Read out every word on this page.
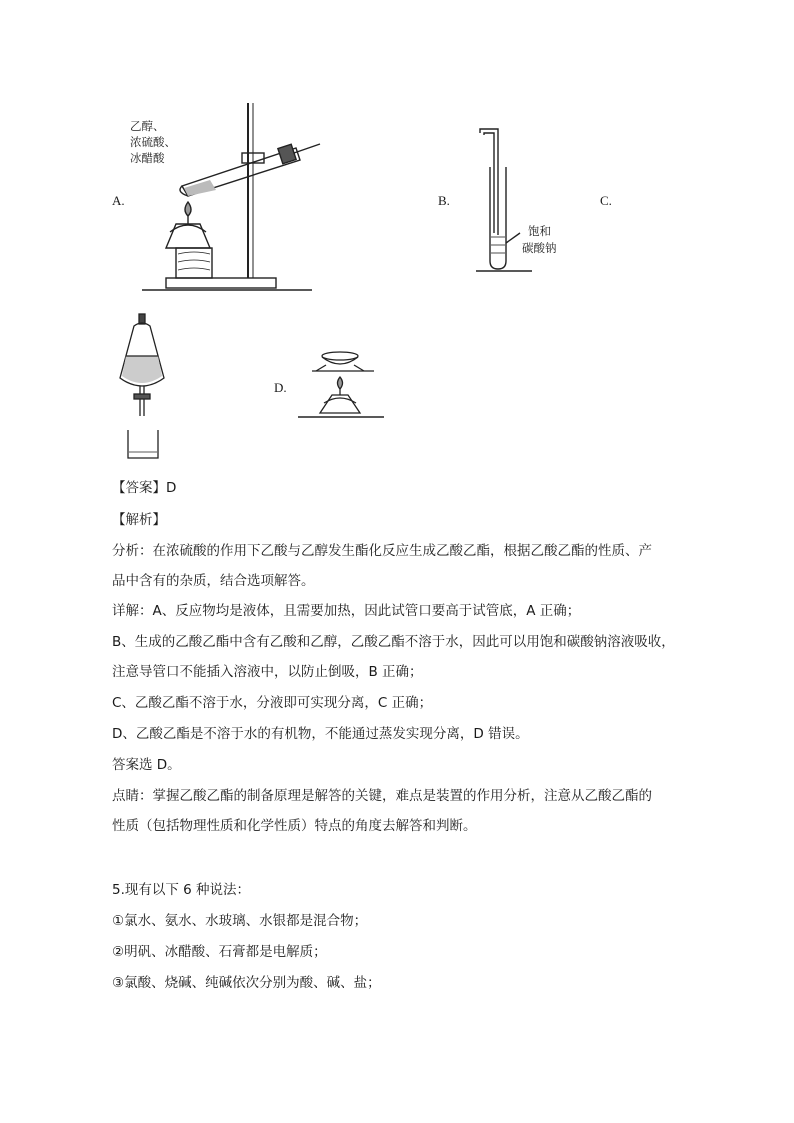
A.
乙醇、
浓硫酸、
冰醋酸
B.
饱和
碳酸钠
C.
D.
【答案】D
【解析】
分析：在浓硫酸的作用下乙酸与乙醇发生酯化反应生成乙酸乙酯，根据乙酸乙酯的性质、产
品中含有的杂质，结合选项解答。
详解：A、反应物均是液体，且需要加热，因此试管口要高于试管底，A 正确；
B、生成的乙酸乙酯中含有乙酸和乙醇，乙酸乙酯不溶于水，因此可以用饱和碳酸钠溶液吸收，
注意导管口不能插入溶液中，以防止倒吸，B 正确；
C、乙酸乙酯不溶于水，分液即可实现分离，C 正确；
D、乙酸乙酯是不溶于水的有机物，不能通过蒸发实现分离，D 错误。
答案选 D。
点睛：掌握乙酸乙酯的制备原理是解答的关键，难点是装置的作用分析，注意从乙酸乙酯的
性质（包括物理性质和化学性质）特点的角度去解答和判断。
5.现有以下 6 种说法：
①氯水、氨水、水玻璃、水银都是混合物；
②明矾、冰醋酸、石膏都是电解质；
③氯酸、烧碱、纯碱依次分别为酸、碱、盐；
